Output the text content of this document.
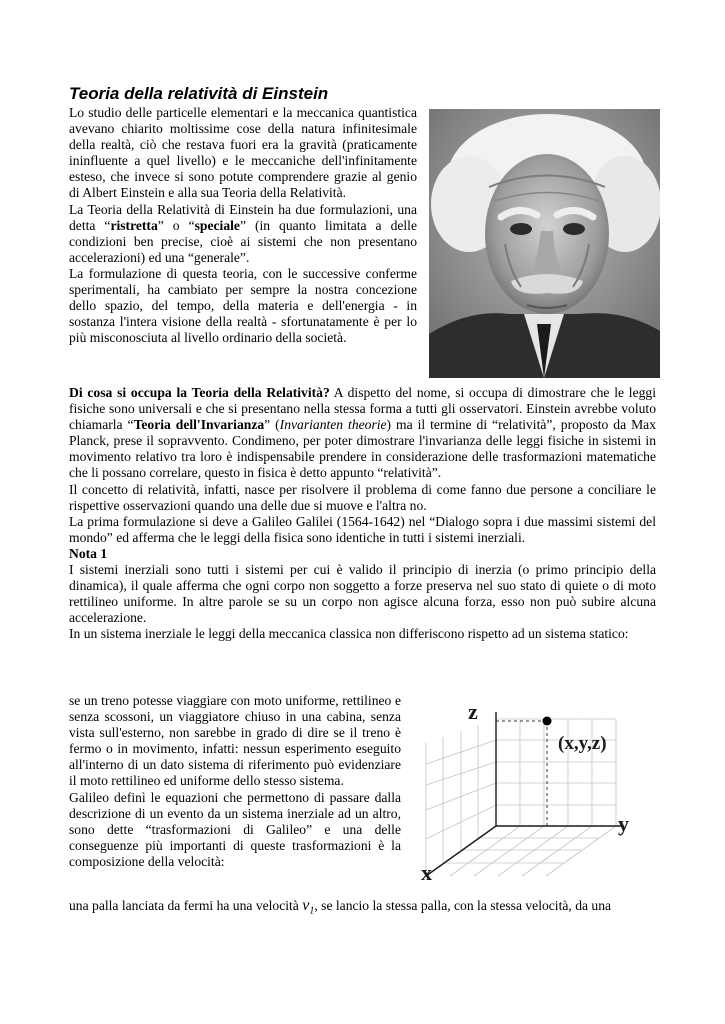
Teoria della relatività di Einstein

Lo studio delle particelle elementari e la meccanica quantistica avevano chiarito moltissime cose della natura infinitesimale della realtà, ciò che restava fuori era la gravità (praticamente ininfluente a quel livello) e le meccaniche dell'infinitamente esteso, che invece si sono potute comprendere grazie al genio di Albert Einstein e alla sua Teoria della Relatività.

La Teoria della Relatività di Einstein ha due formulazioni, una detta “ristretta” o “speciale” (in quanto limitata a delle condizioni ben precise, cioè ai sistemi che non presentano accelerazioni) ed una “generale”.

La formulazione di questa teoria, con le successive conferme sperimentali, ha cambiato per sempre la nostra concezione dello spazio, del tempo, della materia e dell'energia - in sostanza l'intera visione della realtà - sfortunatamente è per lo più misconosciuta al livello ordinario della società.

Di cosa si occupa la Teoria della Relatività? A dispetto del nome, si occupa di dimostrare che le leggi fisiche sono universali e che si presentano nella stessa forma a tutti gli osservatori. Einstein avrebbe voluto chiamarla “Teoria dell'Invarianza” (Invarianten theorie) ma il termine di “relatività”, proposto da Max Planck, prese il sopravvento. Condimeno, per poter dimostrare l'invarianza delle leggi fisiche in sistemi in movimento relativo tra loro è indispensabile prendere in considerazione delle trasformazioni matematiche che li possano correlare, questo in fisica è detto appunto “relatività”.

Il concetto di relatività, infatti, nasce per risolvere il problema di come fanno due persone a conciliare le rispettive osservazioni quando una delle due si muove e l'altra no.

La prima formulazione si deve a Galileo Galilei (1564-1642) nel “Dialogo sopra i due massimi sistemi del mondo” ed afferma che le leggi della fisica sono identiche in tutti i sistemi inerziali.

Nota 1

I sistemi inerziali sono tutti i sistemi per cui è valido il principio di inerzia (o primo principio della dinamica), il quale afferma che ogni corpo non soggetto a forze preserva nel suo stato di quiete o di moto rettilineo uniforme. In altre parole se su un corpo non agisce alcuna forza, esso non può subire alcuna accelerazione.

In un sistema inerziale le leggi della meccanica classica non differiscono rispetto ad un sistema statico:

se un treno potesse viaggiare con moto uniforme, rettilineo e senza scossoni, un viaggiatore chiuso in una cabina, senza vista sull'esterno, non sarebbe in grado di dire se il treno è fermo o in movimento, infatti: nessun esperimento eseguito all'interno di un dato sistema di riferimento può evidenziare il moto rettilineo ed uniforme dello stesso sistema.

Galileo definì le equazioni che permettono di passare dalla descrizione di un evento da un sistema inerziale ad un altro, sono dette “trasformazioni di Galileo” e una delle conseguenze più importanti di queste trasformazioni è la composizione della velocità:

z
y
x
(x,y,z)
una palla lanciata da fermi ha una velocità $v_1$, se lancio la stessa palla, con la stessa velocità, da una
